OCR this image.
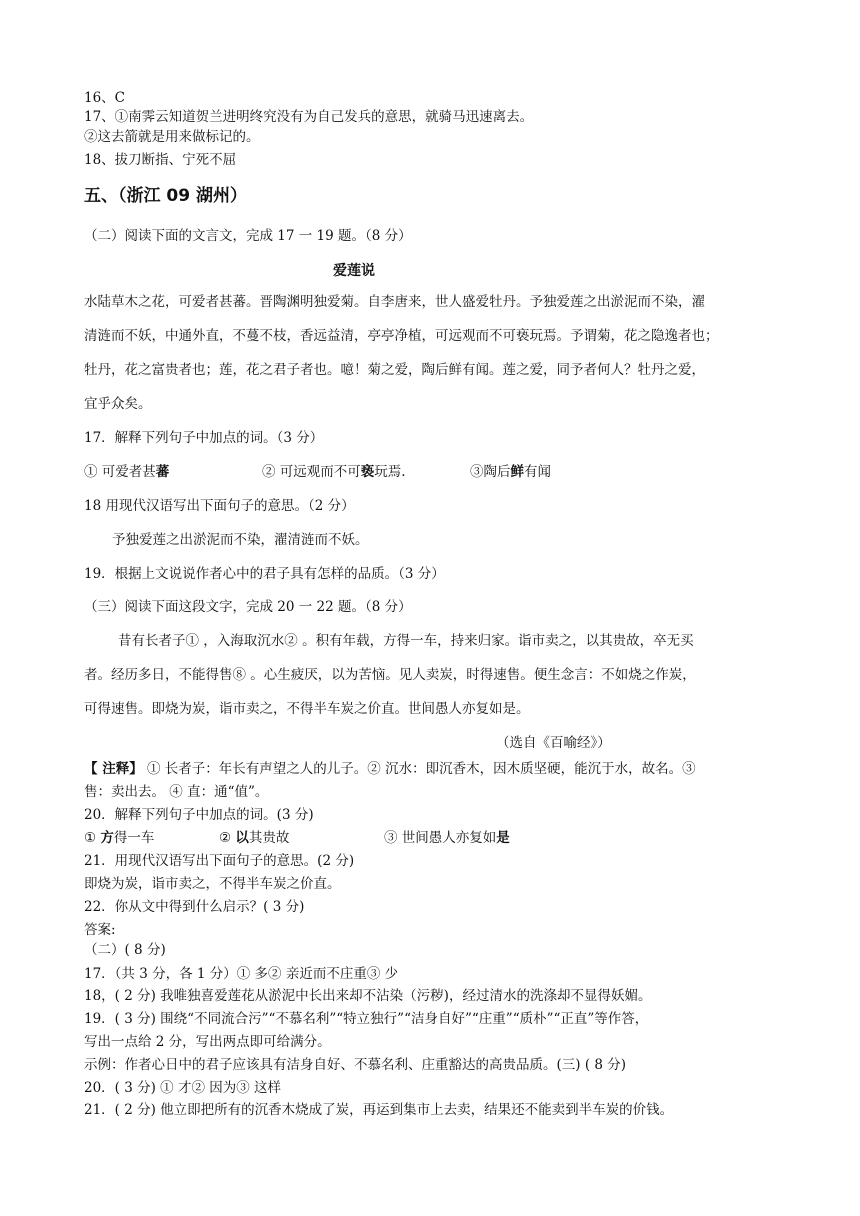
16、C
17、①南霁云知道贺兰进明终究没有为自己发兵的意思，就骑马迅速离去。
②这去箭就是用来做标记的。
18、拔刀断指、宁死不屈
五、（浙江 09 湖州）
（二）阅读下面的文言文，完成 17 一 19 题。（8 分）
爱莲说
水陆草木之花，可爱者甚蕃。晋陶渊明独爱菊。自李唐来，世人盛爱牡丹。予独爱莲之出淤泥而不染，濯
清涟而不妖，中通外直，不蔓不枝，香远益清，亭亭净植，可远观而不可亵玩焉。予谓菊，花之隐逸者也；
牡丹，花之富贵者也；莲，花之君子者也。噫！菊之爱，陶后鲜有闻。莲之爱，同予者何人？牡丹之爱，
宜乎众矣。
17．解释下列句子中加点的词。（3 分）
① 可爱者甚蕃	② 可远观而不可亵玩焉.	③陶后鲜有闻
18 用现代汉语写出下面句子的意思。（2 分）
予独爱莲之出淤泥而不染，濯清涟而不妖。
19．根据上文说说作者心中的君子具有怎样的品质。（3 分）
（三）阅读下面这段文字，完成 20 一 22 题。（8 分）
昔有长者子① ，入海取沉水② 。积有年载，方得一车，持来归家。诣市卖之，以其贵故，卒无买
者。经历多日，不能得售⑧ 。心生疲厌，以为苦恼。见人卖炭，时得速售。便生念言：不如烧之作炭，
可得速售。即烧为炭，诣市卖之，不得半车炭之价直。世间愚人亦复如是。
（选自《百喻经》）
【 注释】 ① 长者子：年长有声望之人的儿子。② 沉水：即沉香木，因木质坚硬，能沉于水，故名。③
售：卖出去。 ④ 直：通“值”。
20．解释下列句子中加点的词。(3 分)
① 方得一车	② 以其贵故	③ 世间愚人亦复如是
21．用现代汉语写出下面句子的意思。(2 分)
即烧为炭，诣市卖之，不得半车炭之价直。
22．你从文中得到什么启示？( 3 分)
答案:
（二）( 8 分)
17．（共 3 分，各 1 分）① 多② 亲近而不庄重③ 少
18，( 2 分) 我唯独喜爱莲花从淤泥中长出来却不沾染（污秽)，经过清水的洗涤却不显得妖媚。
19．( 3 分) 围绕“不同流合污”“不慕名利”“特立独行”“洁身自好”“庄重”“质朴”“正直”等作答，
写出一点给 2 分，写出两点即可给满分。
示例：作者心日中的君子应该具有洁身自好、不慕名利、庄重豁达的高贵品质。(三) ( 8 分)
20．( 3 分) ① 才② 因为③ 这样
21．( 2 分) 他立即把所有的沉香木烧成了炭，再运到集市上去卖，结果还不能卖到半车炭的价钱。
